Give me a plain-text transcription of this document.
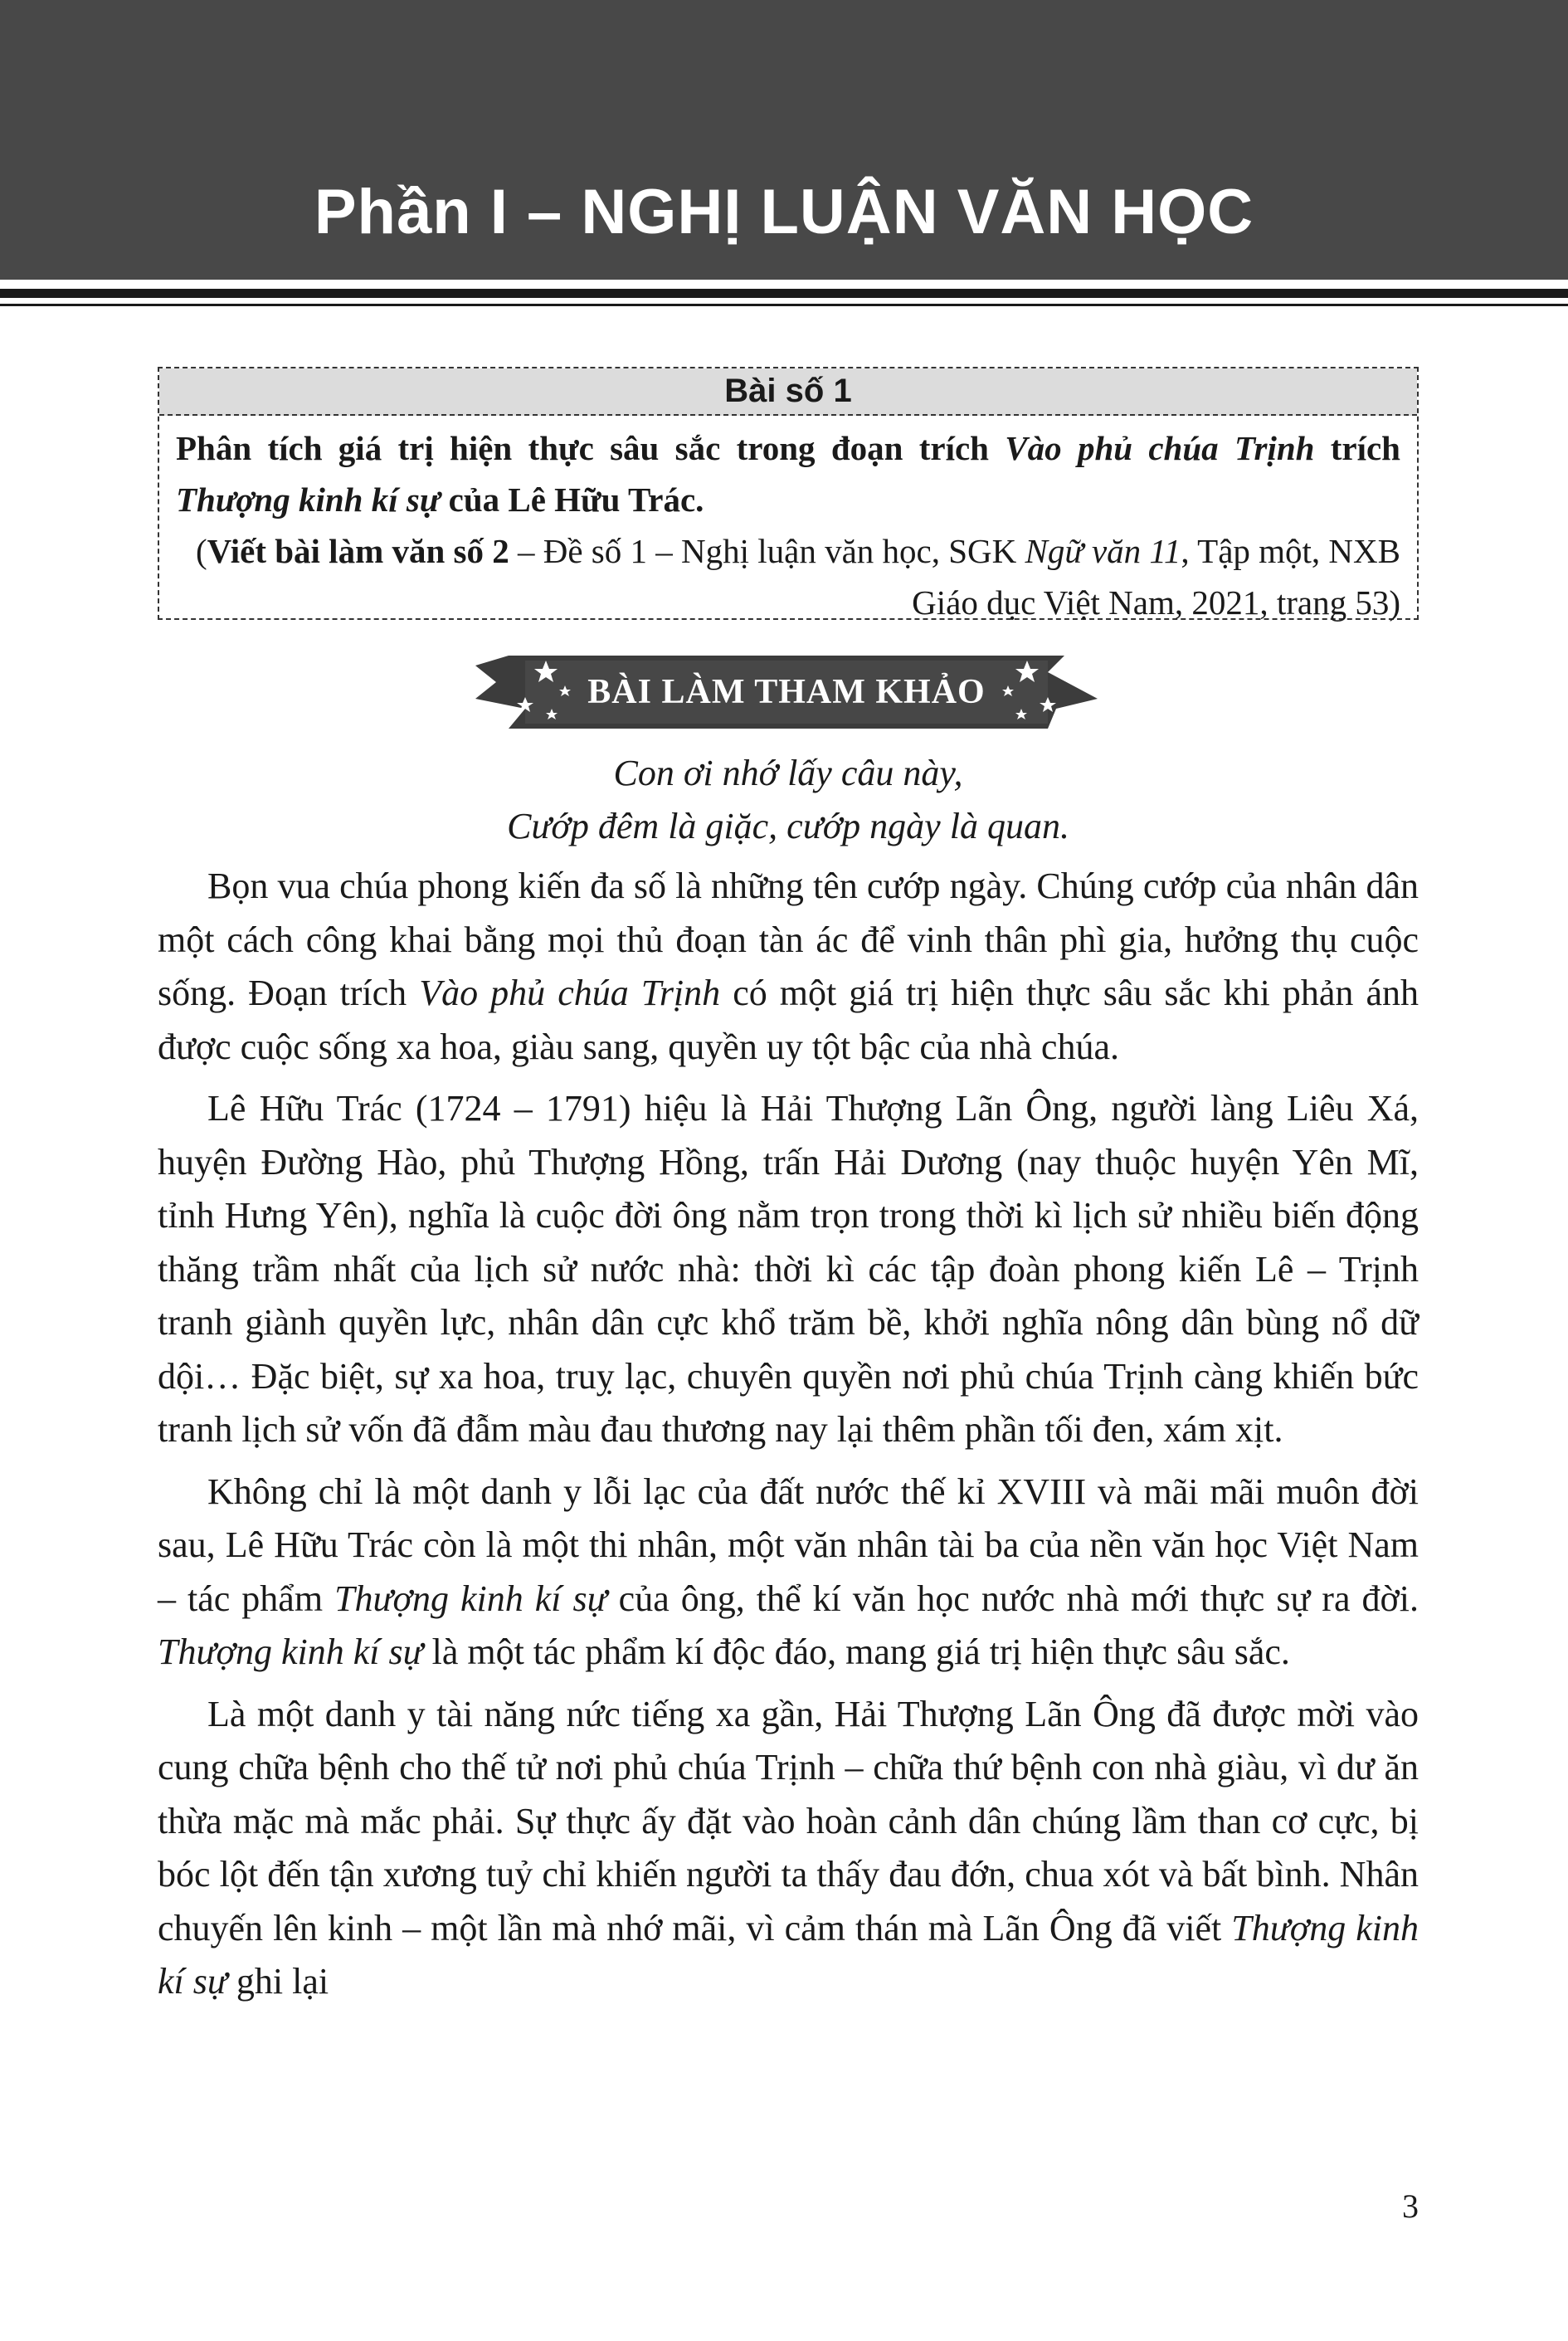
Phần I – NGHỊ LUẬN VĂN HỌC
Bài số 1

Phân tích giá trị hiện thực sâu sắc trong đoạn trích Vào phủ chúa Trịnh trích Thượng kinh kí sự của Lê Hữu Trác.

(Viết bài làm văn số 2 – Đề số 1 – Nghị luận văn học, SGK Ngữ văn 11, Tập một, NXB Giáo dục Việt Nam, 2021, trang 53)

BÀI LÀM THAM KHẢO

Con ơi nhớ lấy câu này,

Cướp đêm là giặc, cướp ngày là quan.

Bọn vua chúa phong kiến đa số là những tên cướp ngày. Chúng cướp của nhân dân một cách công khai bằng mọi thủ đoạn tàn ác để vinh thân phì gia, hưởng thụ cuộc sống. Đoạn trích Vào phủ chúa Trịnh có một giá trị hiện thực sâu sắc khi phản ánh được cuộc sống xa hoa, giàu sang, quyền uy tột bậc của nhà chúa.

Lê Hữu Trác (1724 – 1791) hiệu là Hải Thượng Lãn Ông, người làng Liêu Xá, huyện Đường Hào, phủ Thượng Hồng, trấn Hải Dương (nay thuộc huyện Yên Mĩ, tỉnh Hưng Yên), nghĩa là cuộc đời ông nằm trọn trong thời kì lịch sử nhiều biến động thăng trầm nhất của lịch sử nước nhà: thời kì các tập đoàn phong kiến Lê – Trịnh tranh giành quyền lực, nhân dân cực khổ trăm bề, khởi nghĩa nông dân bùng nổ dữ dội… Đặc biệt, sự xa hoa, truỵ lạc, chuyên quyền nơi phủ chúa Trịnh càng khiến bức tranh lịch sử vốn đã đẫm màu đau thương nay lại thêm phần tối đen, xám xịt.

Không chỉ là một danh y lỗi lạc của đất nước thế kỉ XVIII và mãi mãi muôn đời sau, Lê Hữu Trác còn là một thi nhân, một văn nhân tài ba của nền văn học Việt Nam – tác phẩm Thượng kinh kí sự của ông, thể kí văn học nước nhà mới thực sự ra đời. Thượng kinh kí sự là một tác phẩm kí độc đáo, mang giá trị hiện thực sâu sắc.

Là một danh y tài năng nức tiếng xa gần, Hải Thượng Lãn Ông đã được mời vào cung chữa bệnh cho thế tử nơi phủ chúa Trịnh – chữa thứ bệnh con nhà giàu, vì dư ăn thừa mặc mà mắc phải. Sự thực ấy đặt vào hoàn cảnh dân chúng lầm than cơ cực, bị bóc lột đến tận xương tuỷ chỉ khiến người ta thấy đau đớn, chua xót và bất bình. Nhân chuyến lên kinh – một lần mà nhớ mãi, vì cảm thán mà Lãn Ông đã viết Thượng kinh kí sự ghi lại

3
